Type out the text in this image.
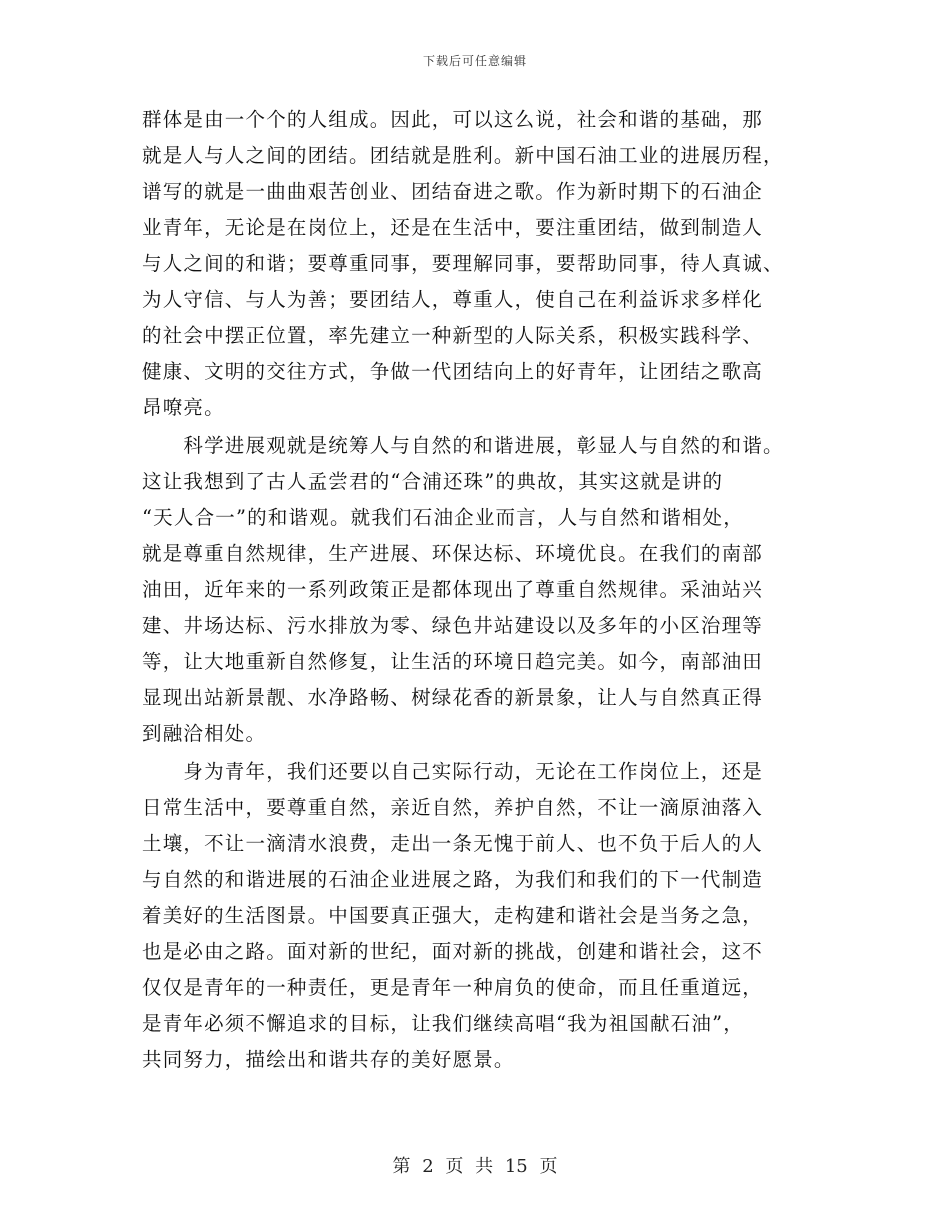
下载后可任意编辑
群体是由一个个的人组成。因此，可以这么说，社会和谐的基础，那
就是人与人之间的团结。团结就是胜利。新中国石油工业的进展历程，
谱写的就是一曲曲艰苦创业、团结奋进之歌。作为新时期下的石油企
业青年，无论是在岗位上，还是在生活中，要注重团结，做到制造人
与人之间的和谐；要尊重同事，要理解同事，要帮助同事，待人真诚、
为人守信、与人为善；要团结人，尊重人，使自己在利益诉求多样化
的社会中摆正位置，率先建立一种新型的人际关系，积极实践科学、
健康、文明的交往方式，争做一代团结向上的好青年，让团结之歌高
昂嘹亮。
　　科学进展观就是统筹人与自然的和谐进展，彰显人与自然的和谐。
这让我想到了古人孟尝君的“合浦还珠”的典故，其实这就是讲的
“天人合一”的和谐观。就我们石油企业而言，人与自然和谐相处，
就是尊重自然规律，生产进展、环保达标、环境优良。在我们的南部
油田，近年来的一系列政策正是都体现出了尊重自然规律。采油站兴
建、井场达标、污水排放为零、绿色井站建设以及多年的小区治理等
等，让大地重新自然修复，让生活的环境日趋完美。如今，南部油田
显现出站新景靓、水净路畅、树绿花香的新景象，让人与自然真正得
到融洽相处。
　　身为青年，我们还要以自己实际行动，无论在工作岗位上，还是
日常生活中，要尊重自然，亲近自然，养护自然，不让一滴原油落入
土壤，不让一滴清水浪费，走出一条无愧于前人、也不负于后人的人
与自然的和谐进展的石油企业进展之路，为我们和我们的下一代制造
着美好的生活图景。中国要真正强大，走构建和谐社会是当务之急，
也是必由之路。面对新的世纪，面对新的挑战，创建和谐社会，这不
仅仅是青年的一种责任，更是青年一种肩负的使命，而且任重道远，
是青年必须不懈追求的目标，让我们继续高唱“我为祖国献石油”，
共同努力，描绘出和谐共存的美好愿景。
第 2 页 共 15 页
